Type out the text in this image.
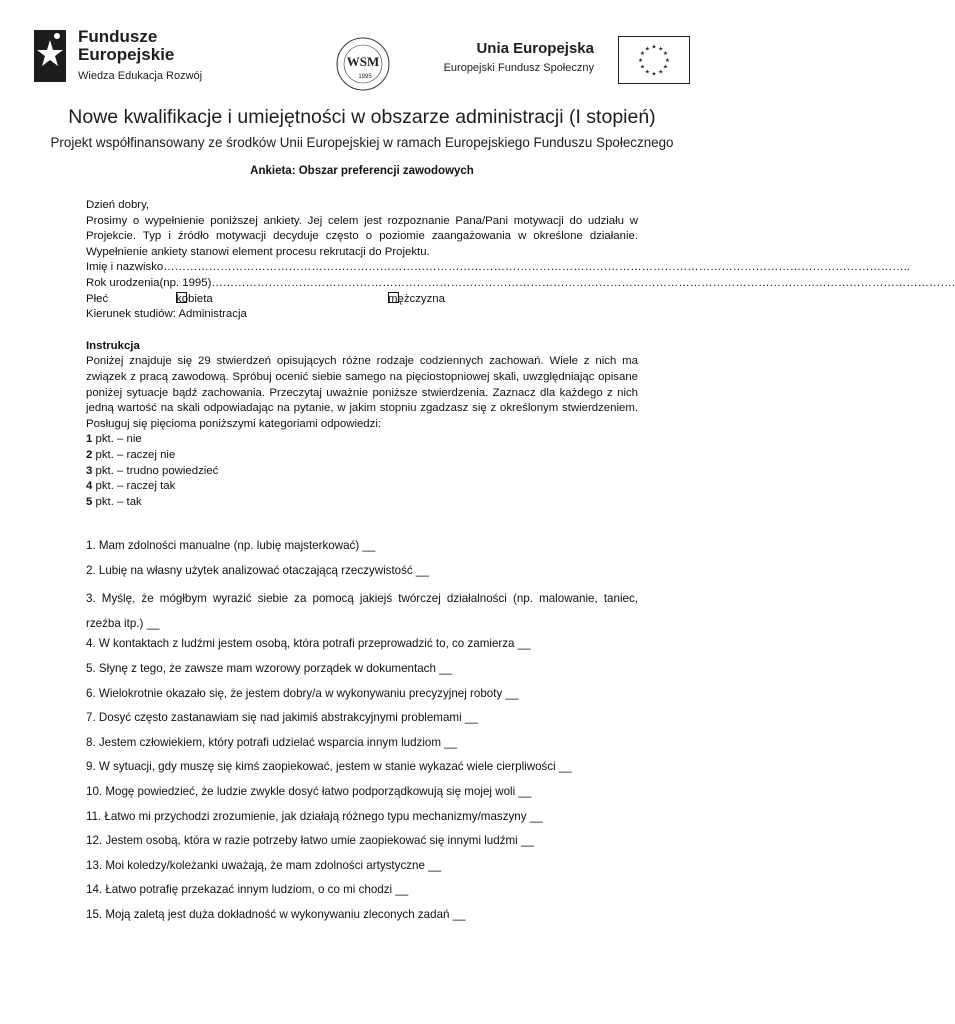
Fundusze
Europejskie
Wiedza Edukacja Rozwój
WSM
1995
Unia Europejska
Europejski Fundusz Społeczny
★ ★
★
★
★
★
★
★
★
★
★
★
Nowe kwalifikacje i umiejętności w obszarze administracji (I stopień)
Projekt współfinansowany ze środków Unii Europejskiej w ramach Europejskiego Funduszu Społecznego
Ankieta: Obszar preferencji zawodowych

Dzień dobry,

Prosimy o wypełnienie poniższej ankiety. Jej celem jest rozpoznanie Pana/Pani motywacji do udziału w Projekcie. Typ i źródło motywacji decyduje często o poziomie zaangażowania w określone działanie. Wypełnienie ankiety stanowi element procesu rekrutacji do Projektu.

Imię i nazwisko ……………………………………………………………………………………………………………………………………………………………………………..

Rok urodzenia(np. 1995) …………………………………………………………………………………………………………………………………………………………………………….

Płeć	kobieta	mężczyzna

Kierunek studiów: Administracja

Instrukcja

Poniżej znajduje się 29 stwierdzeń opisujących różne rodzaje codziennych zachowań. Wiele z nich ma związek z pracą zawodową. Spróbuj ocenić siebie samego na pięciostopniowej skali, uwzględniając opisane poniżej sytuacje bądź zachowania. Przeczytaj uważnie poniższe stwierdzenia. Zaznacz dla każdego z nich jedną wartość na skali odpowiadając na pytanie, w jakim stopniu zgadzasz się z określonym stwierdzeniem. Posługuj się pięcioma poniższymi kategoriami odpowiedzi:

1 pkt. – nie

2 pkt. – raczej nie

3 pkt. – trudno powiedzieć

4 pkt. – raczej tak

5 pkt. – tak

1. Mam zdolności manualne (np. lubię majsterkować) __
2. Lubię na własny użytek analizować otaczającą rzeczywistość __
3. Myślę, że mógłbym wyrazić siebie za pomocą jakiejś twórczej działalności (np. malowanie, taniec, rzeźba itp.) __
4. W kontaktach z ludźmi jestem osobą, która potrafi przeprowadzić to, co zamierza __
5. Słynę z tego, że zawsze mam wzorowy porządek w dokumentach __
6. Wielokrotnie okazało się, że jestem dobry/a w wykonywaniu precyzyjnej roboty __
7. Dosyć często zastanawiam się nad jakimiś abstrakcyjnymi problemami __
8. Jestem człowiekiem, który potrafi udzielać wsparcia innym ludziom __
9. W sytuacji, gdy muszę się kimś zaopiekować, jestem w stanie wykazać wiele cierpliwości __
10. Mogę powiedzieć, że ludzie zwykle dosyć łatwo podporządkowują się mojej woli __
11. Łatwo mi przychodzi zrozumienie, jak działają różnego typu mechanizmy/maszyny __
12. Jestem osobą, która w razie potrzeby łatwo umie zaopiekować się innymi ludźmi __
13. Moi koledzy/koleżanki uważają, że mam zdolności artystyczne __
14. Łatwo potrafię przekazać innym ludziom, o co mi chodzi __
15. Moją zaletą jest duża dokładność w wykonywaniu zleconych zadań __
